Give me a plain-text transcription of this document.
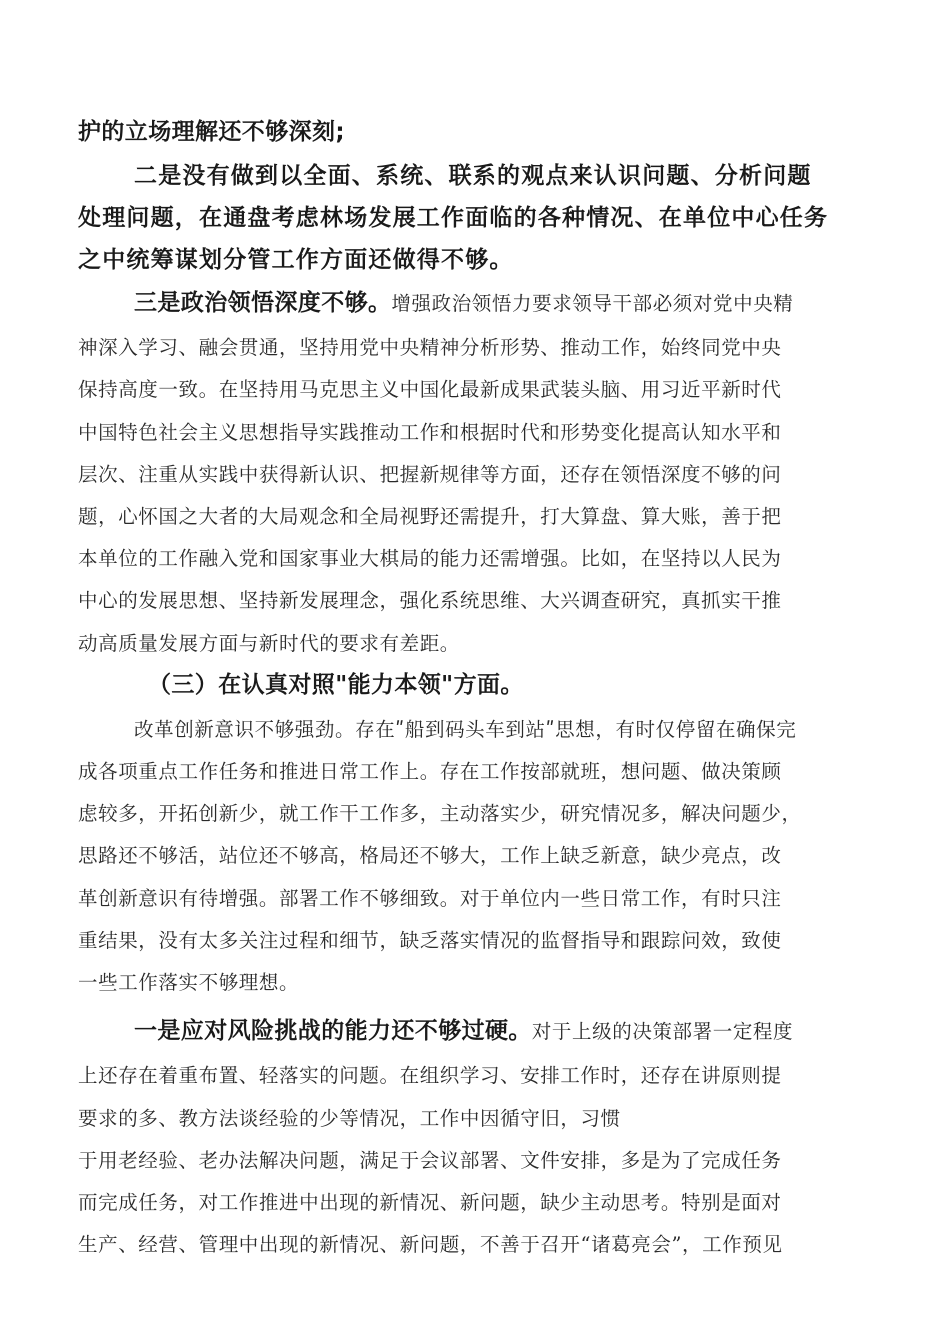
护的立场理解还不够深刻;
二是没有做到以全面、系统、联系的观点来认识问题、分析问题
处理问题，在通盘考虑林场发展工作面临的各种情况、在单位中心任务
之中统筹谋划分管工作方面还做得不够。
三是政治领悟深度不够。增强政治领悟力要求领导干部必须对党中央精
神深入学习、融会贯通，坚持用党中央精神分析形势、推动工作，始终同党中央
保持高度一致。在坚持用马克思主义中国化最新成果武装头脑、用习近平新时代
中国特色社会主义思想指导实践推动工作和根据时代和形势变化提高认知水平和
层次、注重从实践中获得新认识、把握新规律等方面，还存在领悟深度不够的问
题，心怀国之大者的大局观念和全局视野还需提升，打大算盘、算大账，善于把
本单位的工作融入党和国家事业大棋局的能力还需增强。比如，在坚持以人民为
中心的发展思想、坚持新发展理念，强化系统思维、大兴调查研究，真抓实干推
动高质量发展方面与新时代的要求有差距。
（三）在认真对照"能力本领"方面。
改革创新意识不够强劲。存在ʺ船到码头车到站ʺ思想，有时仅停留在确保完
成各项重点工作任务和推进日常工作上。存在工作按部就班，想问题、做决策顾
虑较多，开拓创新少，就工作干工作多，主动落实少，研究情况多，解决问题少，
思路还不够活，站位还不够高，格局还不够大，工作上缺乏新意，缺少亮点，改
革创新意识有待增强。部署工作不够细致。对于单位内一些日常工作，有时只注
重结果，没有太多关注过程和细节，缺乏落实情况的监督指导和跟踪问效，致使
一些工作落实不够理想。
一是应对风险挑战的能力还不够过硬。对于上级的决策部署一定程度
上还存在着重布置、轻落实的问题。在组织学习、安排工作时，还存在讲原则提
要求的多、教方法谈经验的少等情况，工作中因循守旧，习惯
于用老经验、老办法解决问题，满足于会议部署、文件安排，多是为了完成任务
而完成任务，对工作推进中出现的新情况、新问题，缺少主动思考。特别是面对
生产、经营、管理中出现的新情况、新问题，不善于召开“诸葛亮会”，工作预见
